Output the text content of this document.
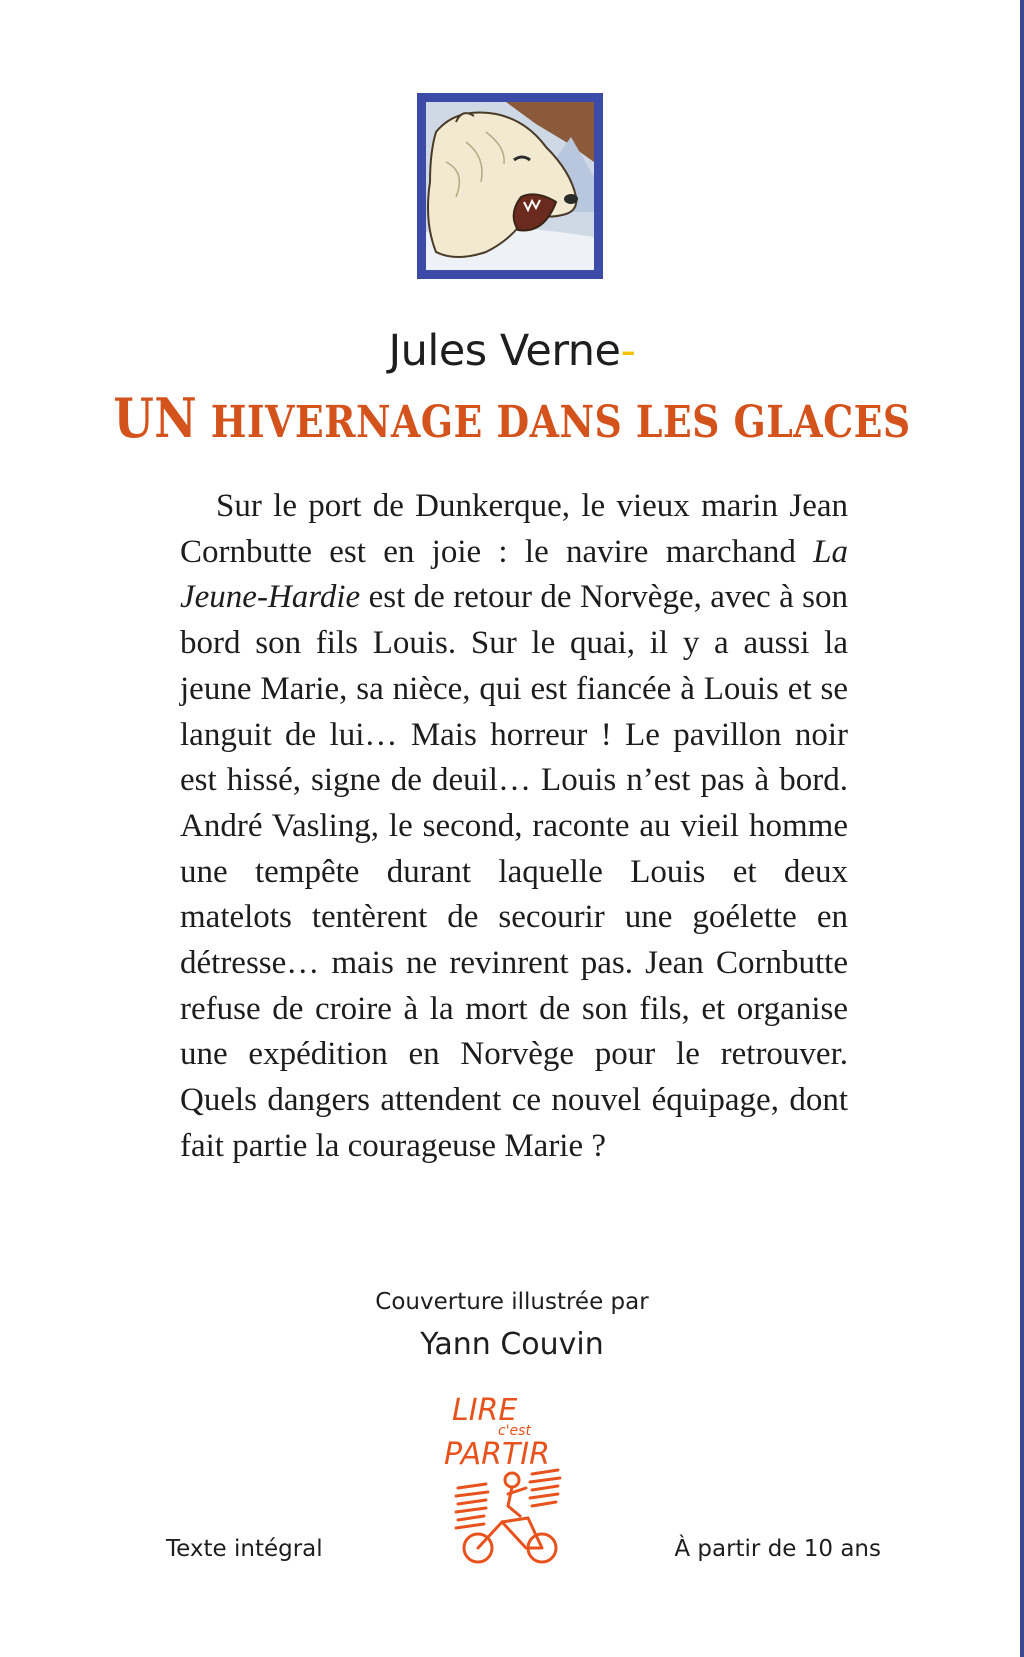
Jules Verne-
UN HIVERNAGE DANS LES GLACES

Sur le port de Dunkerque, le vieux marin Jean Cornbutte est en joie : le navire marchand La Jeune-Hardie est de retour de Norvège, avec à son bord son fils Louis. Sur le quai, il y a aussi la jeune Marie, sa nièce, qui est fiancée à Louis et se languit de lui… Mais horreur ! Le pavillon noir est hissé, signe de deuil… Louis n’est pas à bord. André Vasling, le second, raconte au vieil homme une tempête durant laquelle Louis et deux matelots tentèrent de secourir une goélette en détresse… mais ne revinrent pas. Jean Cornbutte refuse de croire à la mort de son fils, et organise une expédition en Norvège pour le retrouver. Quels dangers attendent ce nouvel équipage, dont fait partie la courageuse Marie ?

Couverture illustrée par
Yann Couvin
LIRE
c'est
PARTIR
Texte intégral	À partir de 10 ans
